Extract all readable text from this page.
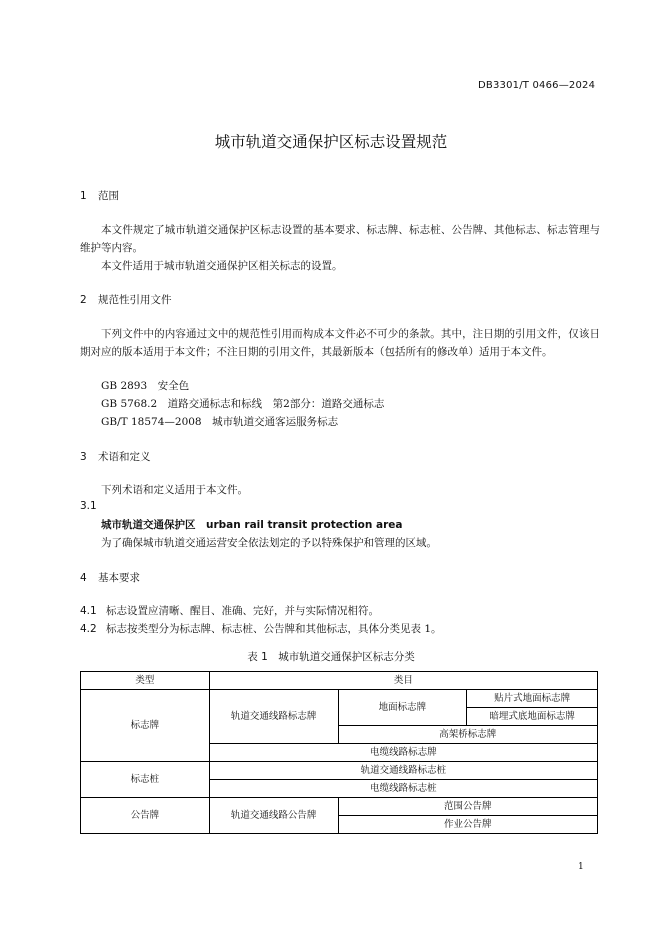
DB3301/T 0466—2024
城市轨道交通保护区标志设置规范
1 范围
本文件规定了城市轨道交通保护区标志设置的基本要求、标志牌、标志桩、公告牌、其他标志、标志管理与维护等内容。
本文件适用于城市轨道交通保护区相关标志的设置。
2 规范性引用文件
下列文件中的内容通过文中的规范性引用而构成本文件必不可少的条款。其中，注日期的引用文件，仅该日期对应的版本适用于本文件；不注日期的引用文件，其最新版本（包括所有的修改单）适用于本文件。
GB 2893　安全色
GB 5768.2　道路交通标志和标线　第2部分：道路交通标志
GB/T 18574—2008　城市轨道交通客运服务标志
3 术语和定义
下列术语和定义适用于本文件。
3.1
城市轨道交通保护区　urban rail transit protection area
为了确保城市轨道交通运营安全依法划定的予以特殊保护和管理的区域。
4 基本要求
4.1 标志设置应清晰、醒目、准确、完好，并与实际情况相符。
4.2 标志按类型分为标志牌、标志桩、公告牌和其他标志，具体分类见表 1。
表 1　城市轨道交通保护区标志分类
类型	类目		
标志牌	轨道交通线路标志牌	地面标志牌	贴片式地面标志牌
			暗埋式底地面标志牌
		高架桥标志牌	
	电缆线路标志牌		
标志桩	轨道交通线路标志桩		
	电缆线路标志桩		
公告牌	轨道交通线路公告牌	范围公告牌	
		作业公告牌	
1
